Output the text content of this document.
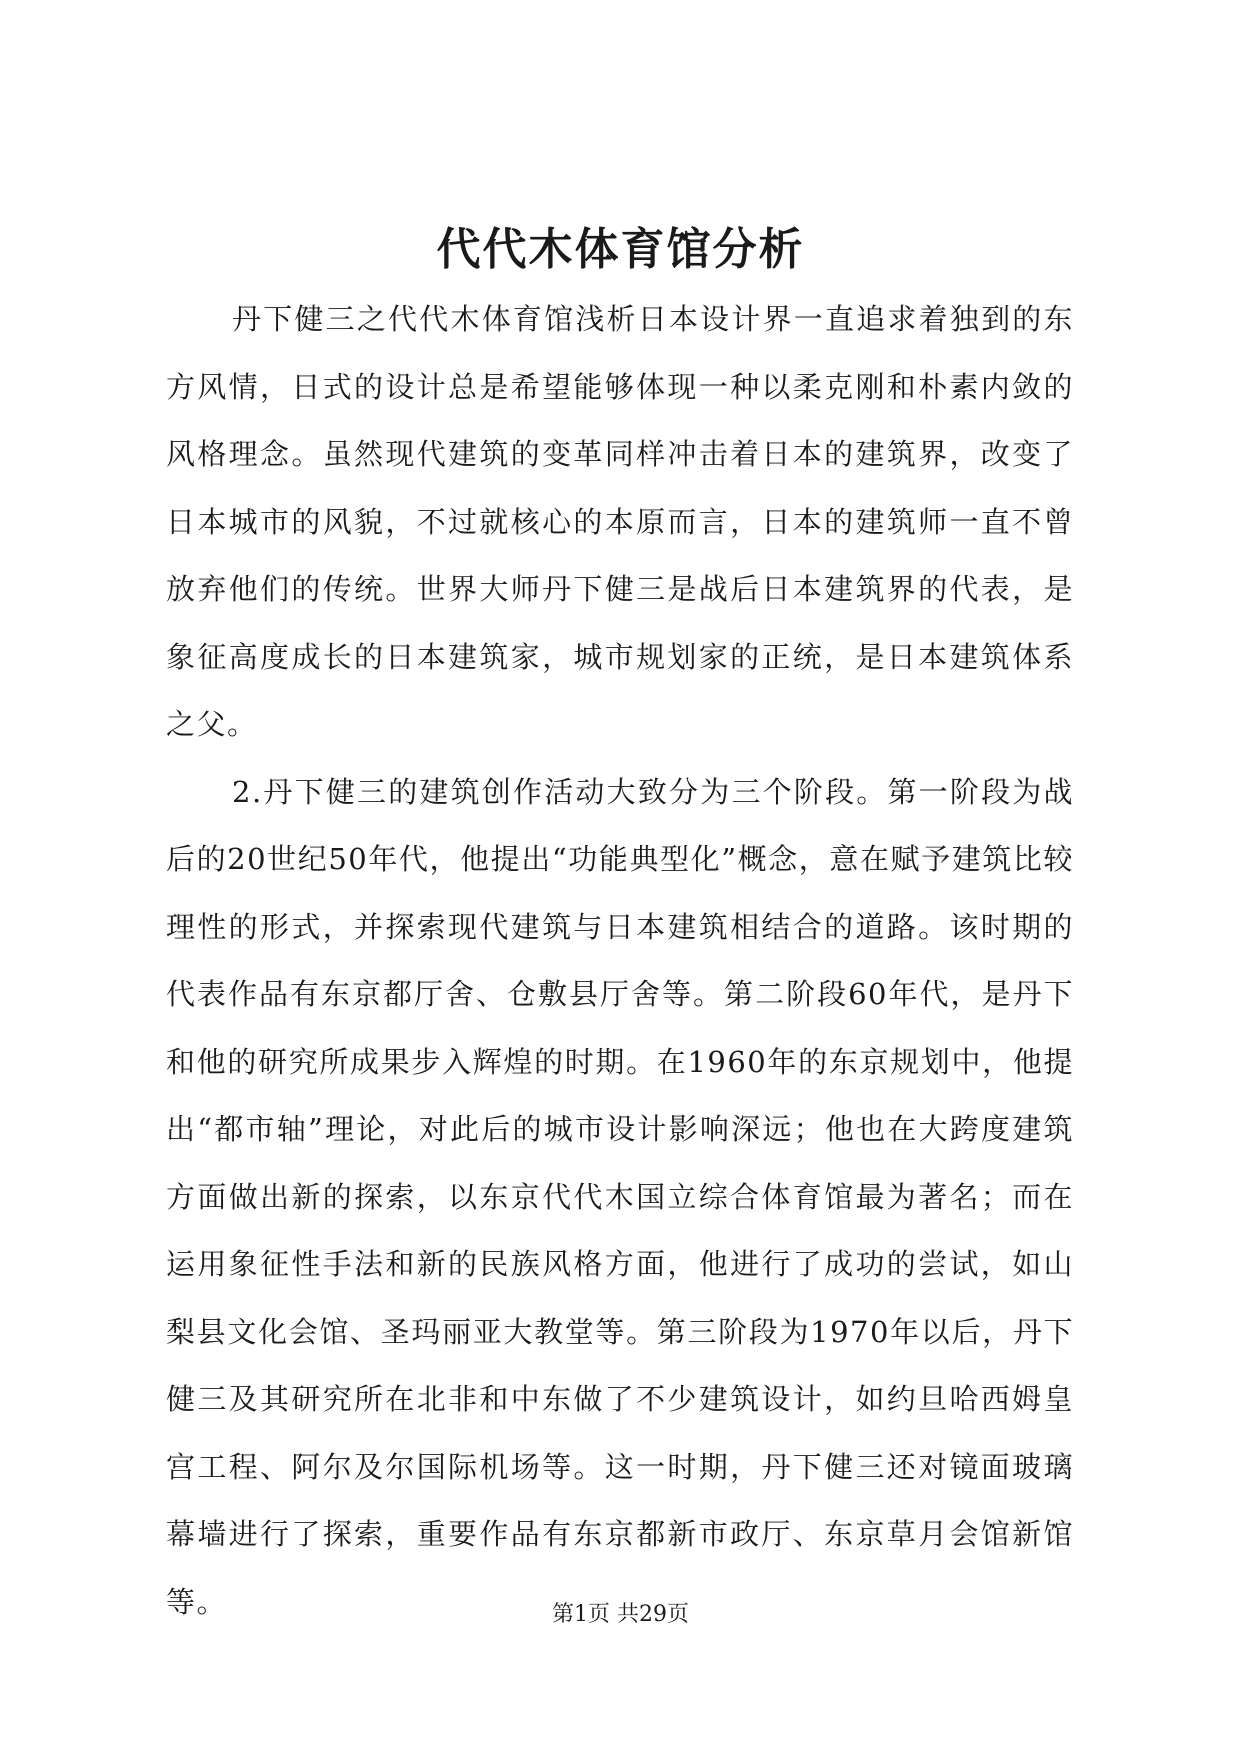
代代木体育馆分析

丹下健三之代代木体育馆浅析日本设计界一直追求着独到的东方风情，日式的设计总是希望能够体现一种以柔克刚和朴素内敛的风格理念。虽然现代建筑的变革同样冲击着日本的建筑界，改变了日本城市的风貌，不过就核心的本原而言，日本的建筑师一直不曾放弃他们的传统。世界大师丹下健三是战后日本建筑界的代表，是象征高度成长的日本建筑家，城市规划家的正统，是日本建筑体系之父。

2.丹下健三的建筑创作活动大致分为三个阶段。第一阶段为战后的20世纪50年代，他提出“功能典型化”概念，意在赋予建筑比较理性的形式，并探索现代建筑与日本建筑相结合的道路。该时期的代表作品有东京都厅舍、仓敷县厅舍等。第二阶段60年代，是丹下和他的研究所成果步入辉煌的时期。在1960年的东京规划中，他提出“都市轴”理论，对此后的城市设计影响深远；他也在大跨度建筑方面做出新的探索，以东京代代木国立综合体育馆最为著名；而在运用象征性手法和新的民族风格方面，他进行了成功的尝试，如山梨县文化会馆、圣玛丽亚大教堂等。第三阶段为1970年以后，丹下健三及其研究所在北非和中东做了不少建筑设计，如约旦哈西姆皇宫工程、阿尔及尔国际机场等。这一时期，丹下健三还对镜面玻璃幕墙进行了探索，重要作品有东京都新市政厅、东京草月会馆新馆等。	第1页 共29页
